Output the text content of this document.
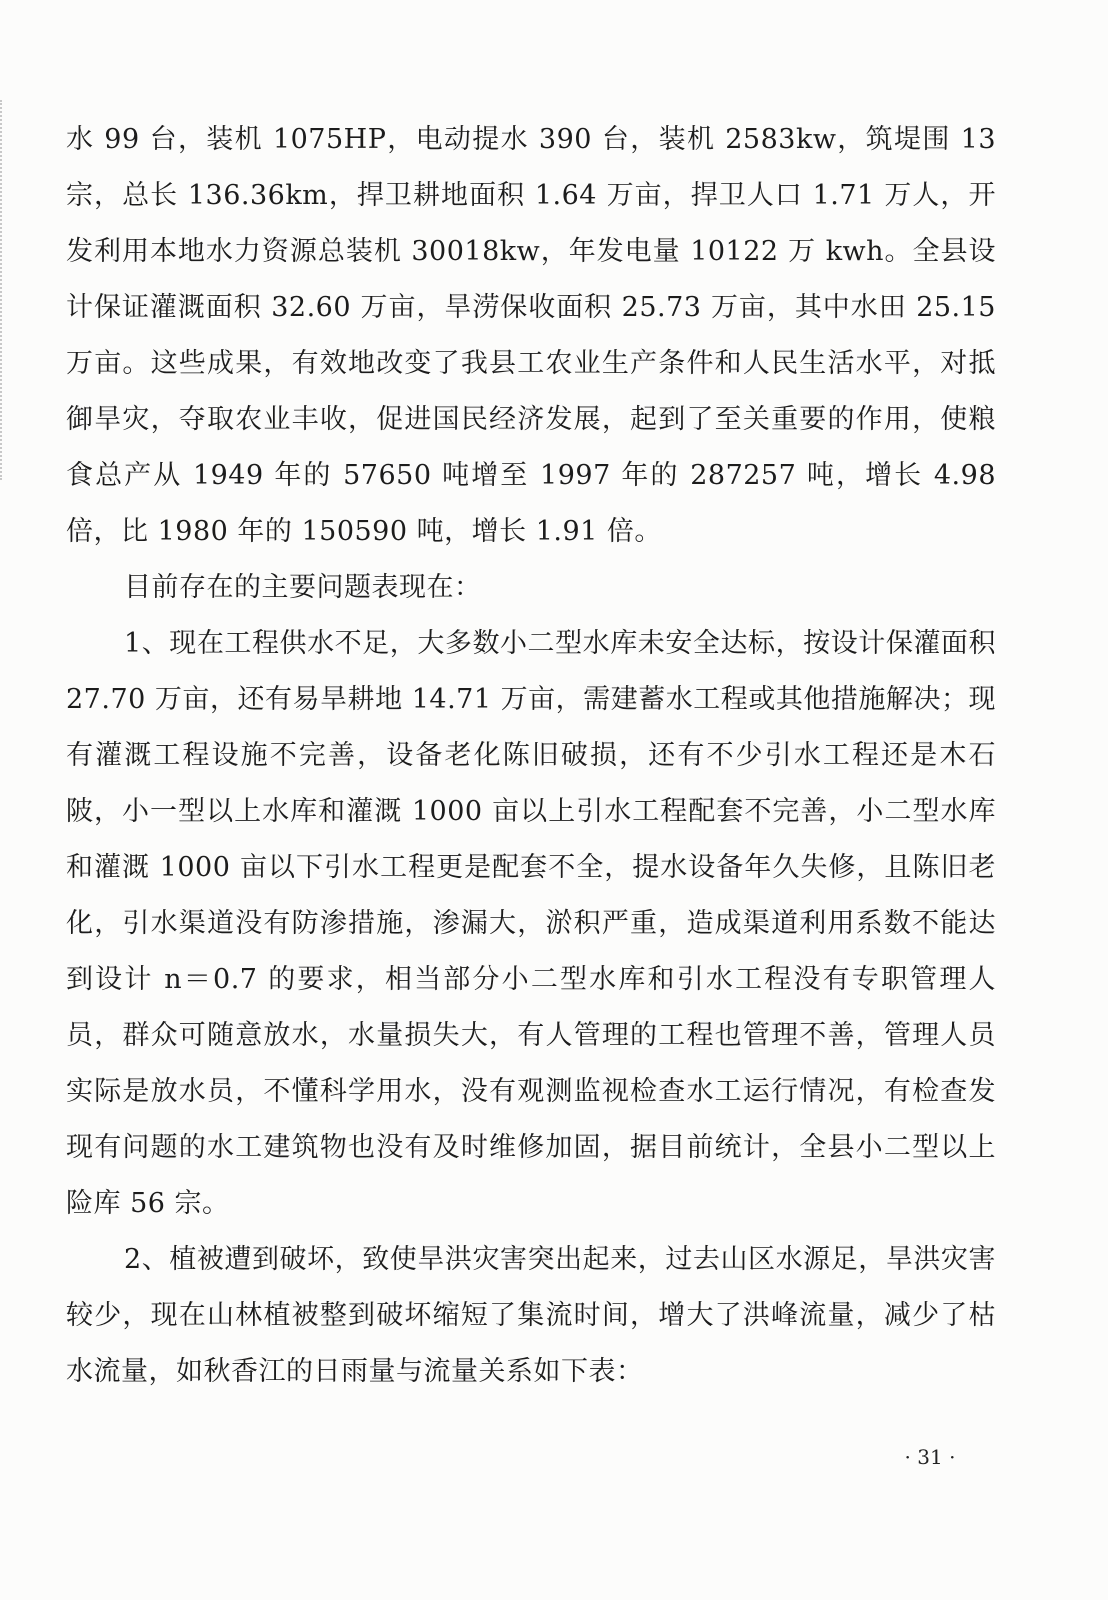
水 99 台，装机 1075HP，电动提水 390 台，装机 2583kw，筑堤围 13 宗，总长 136.36km，捍卫耕地面积 1.64 万亩，捍卫人口 1.71 万人，开发利用本地水力资源总装机 30018kw，年发电量 10122 万 kwh。全县设计保证灌溉面积 32.60 万亩，旱涝保收面积 25.73 万亩，其中水田 25.15 万亩。这些成果，有效地改变了我县工农业生产条件和人民生活水平，对抵御旱灾，夺取农业丰收，促进国民经济发展，起到了至关重要的作用，使粮食总产从 1949 年的 57650 吨增至 1997 年的 287257 吨，增长 4.98 倍，比 1980 年的 150590 吨，增长 1.91 倍。

目前存在的主要问题表现在：

1、现在工程供水不足，大多数小二型水库未安全达标，按设计保灌面积 27.70 万亩，还有易旱耕地 14.71 万亩，需建蓄水工程或其他措施解决；现有灌溉工程设施不完善，设备老化陈旧破损，还有不少引水工程还是木石陂，小一型以上水库和灌溉 1000 亩以上引水工程配套不完善，小二型水库和灌溉 1000 亩以下引水工程更是配套不全，提水设备年久失修，且陈旧老化，引水渠道没有防渗措施，渗漏大，淤积严重，造成渠道利用系数不能达到设计 n＝0.7 的要求，相当部分小二型水库和引水工程没有专职管理人员，群众可随意放水，水量损失大，有人管理的工程也管理不善，管理人员实际是放水员，不懂科学用水，没有观测监视检查水工运行情况，有检查发现有问题的水工建筑物也没有及时维修加固，据目前统计，全县小二型以上险库 56 宗。

2、植被遭到破坏，致使旱洪灾害突出起来，过去山区水源足，旱洪灾害较少，现在山林植被整到破坏缩短了集流时间，增大了洪峰流量，减少了枯水流量，如秋香江的日雨量与流量关系如下表：

· 31 ·
